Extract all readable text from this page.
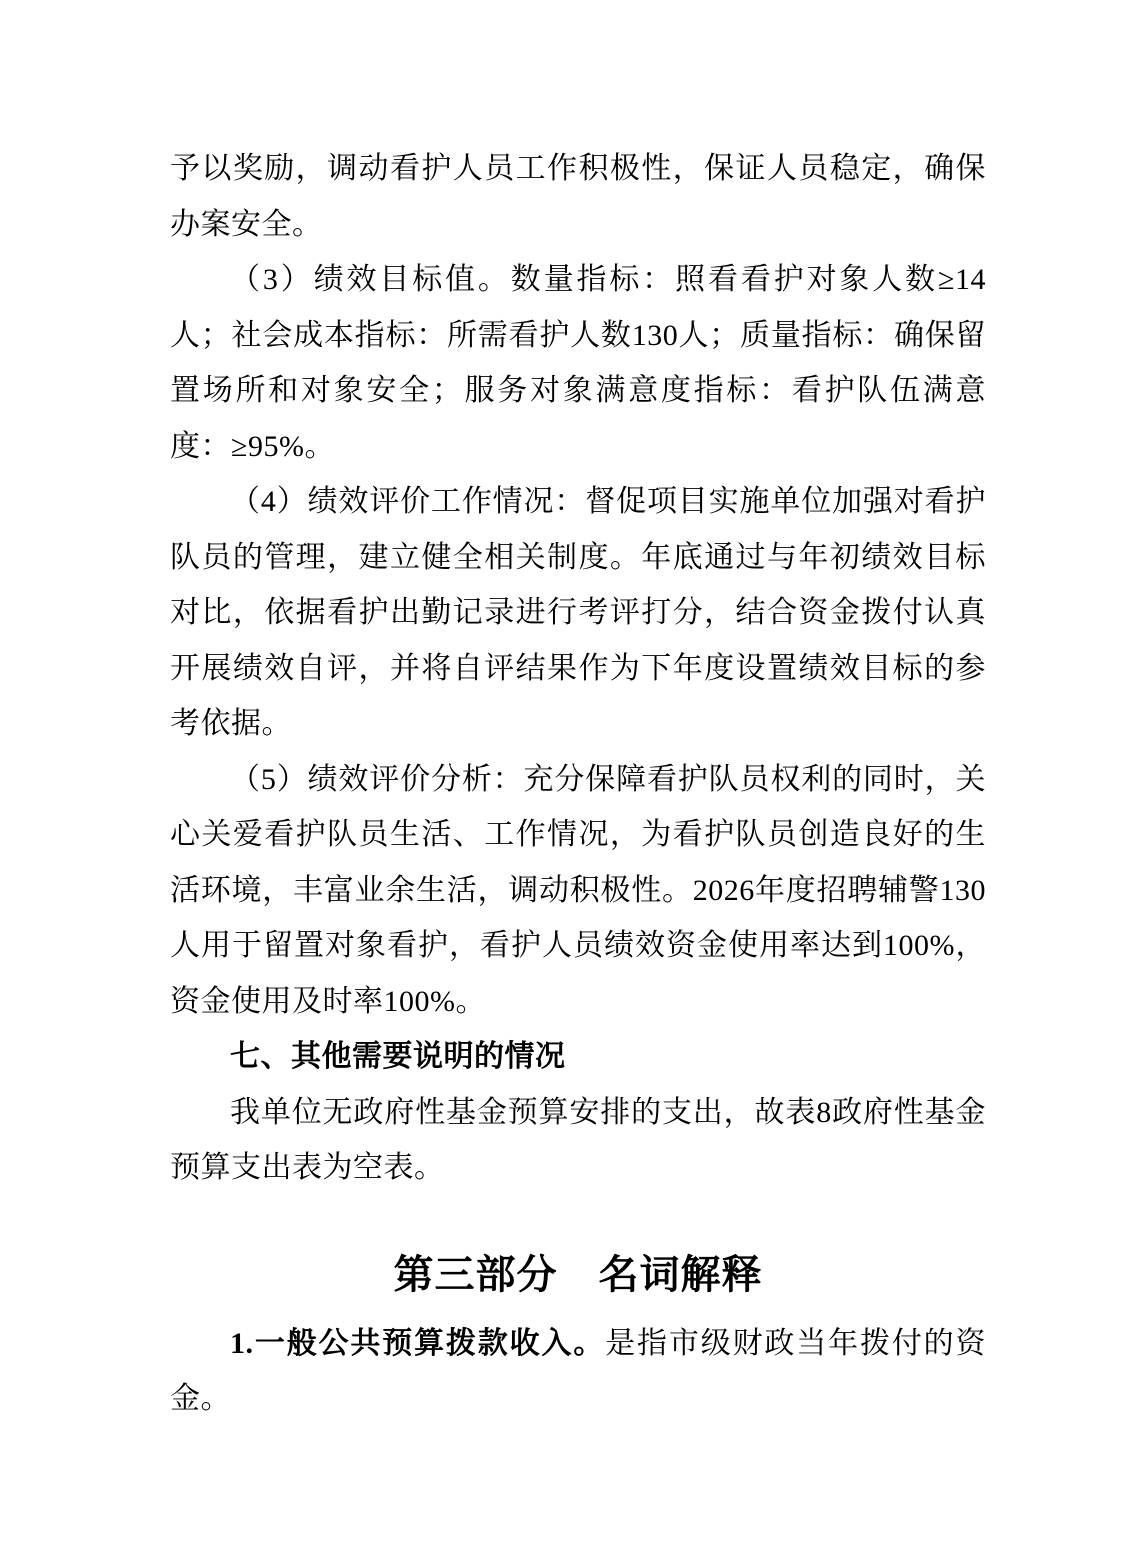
予以奖励，调动看护人员工作积极性，保证人员稳定，确保办案安全。

（3）绩效目标值。数量指标：照看看护对象人数≥14人；社会成本指标：所需看护人数130人；质量指标：确保留置场所和对象安全；服务对象满意度指标：看护队伍满意度：≥95%。

（4）绩效评价工作情况：督促项目实施单位加强对看护队员的管理，建立健全相关制度。年底通过与年初绩效目标对比，依据看护出勤记录进行考评打分，结合资金拨付认真开展绩效自评，并将自评结果作为下年度设置绩效目标的参考依据。

（5）绩效评价分析：充分保障看护队员权利的同时，关心关爱看护队员生活、工作情况，为看护队员创造良好的生活环境，丰富业余生活，调动积极性。2026年度招聘辅警130人用于留置对象看护，看护人员绩效资金使用率达到100%，资金使用及时率100%。

七、其他需要说明的情况

我单位无政府性基金预算安排的支出，故表8政府性基金预算支出表为空表。

第三部分　名词解释

1.一般公共预算拨款收入。是指市级财政当年拨付的资金。
